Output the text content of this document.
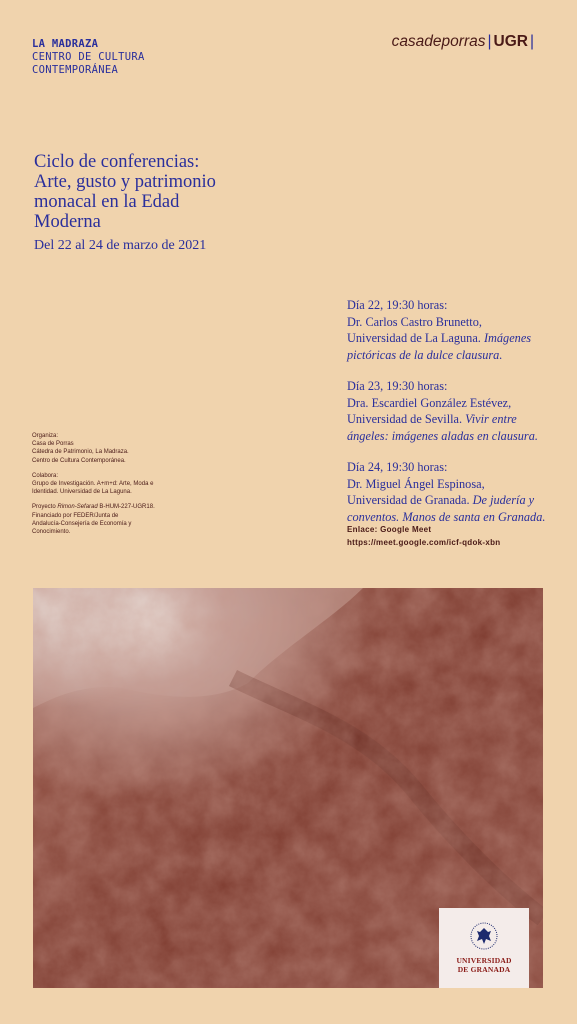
LA MADRAZA
CENTRO DE CULTURA
CONTEMPORÁNEA
casadeporras | UGR |
Ciclo de conferencias:
Arte, gusto y patrimonio
monacal en la Edad
Moderna
Del 22 al 24 de marzo de 2021
Día 22, 19:30 horas:
Dr. Carlos Castro Brunetto,
Universidad de La Laguna. Imágenes pictóricas de la dulce clausura.
Día 23, 19:30 horas:
Dra. Escardiel González Estévez,
Universidad de Sevilla. Vivir entre ángeles: imágenes aladas en clausura.
Día 24, 19:30 horas:
Dr. Miguel Ángel Espinosa,
Universidad de Granada. De judería y conventos. Manos de santa en Granada.
Enlace: Google Meet
https://meet.google.com/icf-qdok-xbn
Organiza:
Casa de Porras
Cátedra de Patrimonio, La Madraza.
Centro de Cultura Contemporánea.
Colabora:
Grupo de Investigación. A+m+d: Arte, Moda e
Identidad. Universidad de La Laguna.
Proyecto Rimon-Sefarad B-HUM-227-UGR18.
Financiado por FEDER/Junta de
Andalucía-Consejería de Economía y
Conocimiento.
UNIVERSIDAD
DE GRANADA
